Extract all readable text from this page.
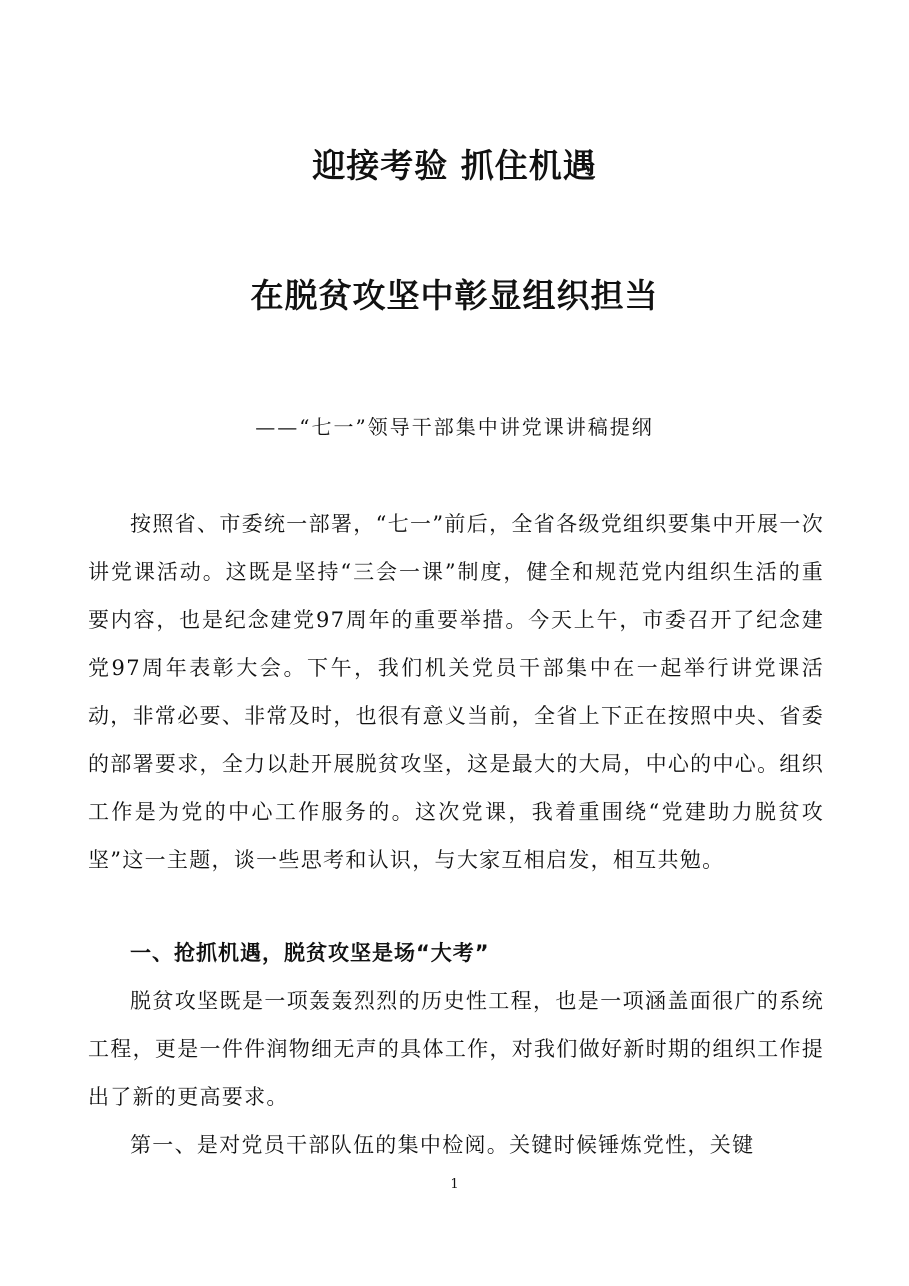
迎接考验 抓住机遇
在脱贫攻坚中彰显组织担当

——“七一”领导干部集中讲党课讲稿提纲

按照省、市委统一部署，“七一”前后，全省各级党组织要集中开展一次讲党课活动。这既是坚持“三会一课”制度，健全和规范党内组织生活的重要内容，也是纪念建党97周年的重要举措。今天上午，市委召开了纪念建党97周年表彰大会。下午，我们机关党员干部集中在一起举行讲党课活动，非常必要、非常及时，也很有意义当前，全省上下正在按照中央、省委的部署要求，全力以赴开展脱贫攻坚，这是最大的大局，中心的中心。组织工作是为党的中心工作服务的。这次党课，我着重围绕“党建助力脱贫攻坚”这一主题，谈一些思考和认识，与大家互相启发，相互共勉。

一、抢抓机遇，脱贫攻坚是场“大考”

脱贫攻坚既是一项轰轰烈烈的历史性工程，也是一项涵盖面很广的系统工程，更是一件件润物细无声的具体工作，对我们做好新时期的组织工作提出了新的更高要求。

第一、是对党员干部队伍的集中检阅。关键时候锤炼党性，关键

1
